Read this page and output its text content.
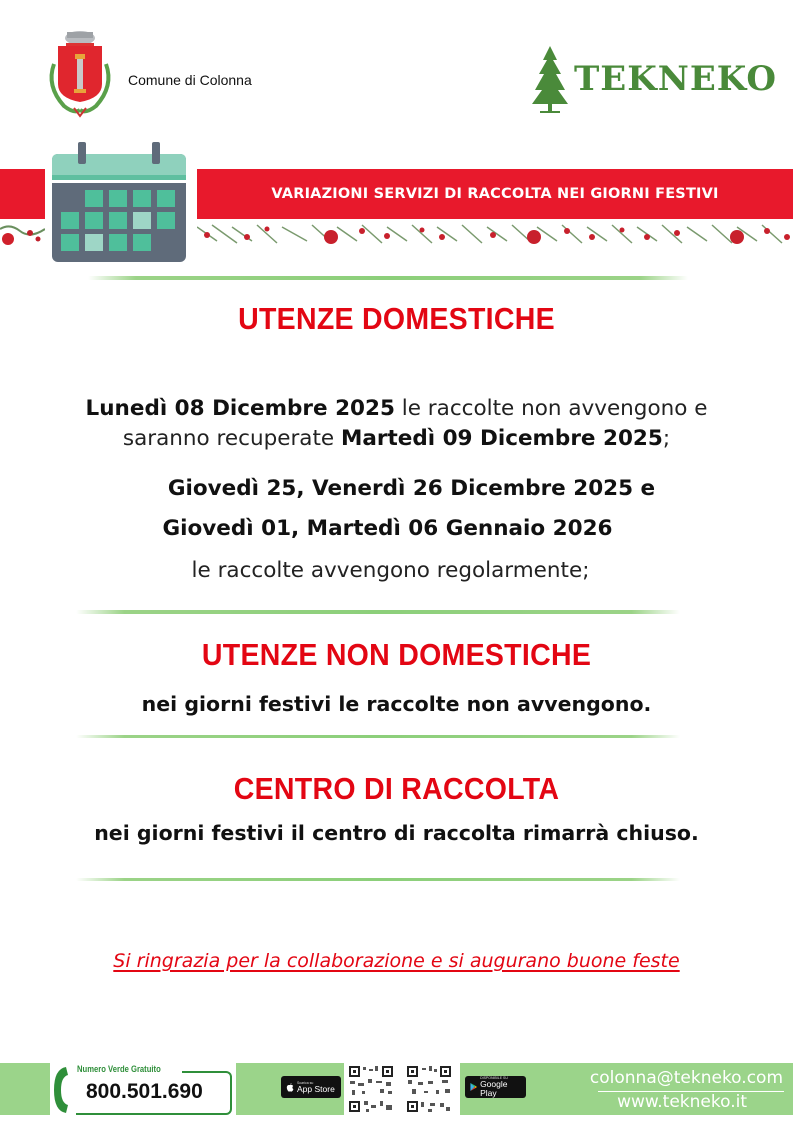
Comune di Colonna	TEKNEKO
VARIAZIONI SERVIZI DI RACCOLTA NEI GIORNI FESTIVI
UTENZE DOMESTICHE
Lunedì 08 Dicembre 2025 le raccolte non avvengono e
saranno recuperate Martedì 09 Dicembre 2025;
Giovedì 25, Venerdì 26 Dicembre 2025 e
Giovedì 01, Martedì 06 Gennaio 2026
le raccolte avvengono regolarmente;
UTENZE NON DOMESTICHE
nei giorni festivi le raccolte non avvengono.
CENTRO DI RACCOLTA
nei giorni festivi il centro di raccolta rimarrà chiuso.
Si ringrazia per la collaborazione e si augurano buone feste
Numero Verde Gratuito
800.501.690	Scarica su
App Store
DISPONIBILE SU
Google Play
colonna@tekneko.com
www.tekneko.it
